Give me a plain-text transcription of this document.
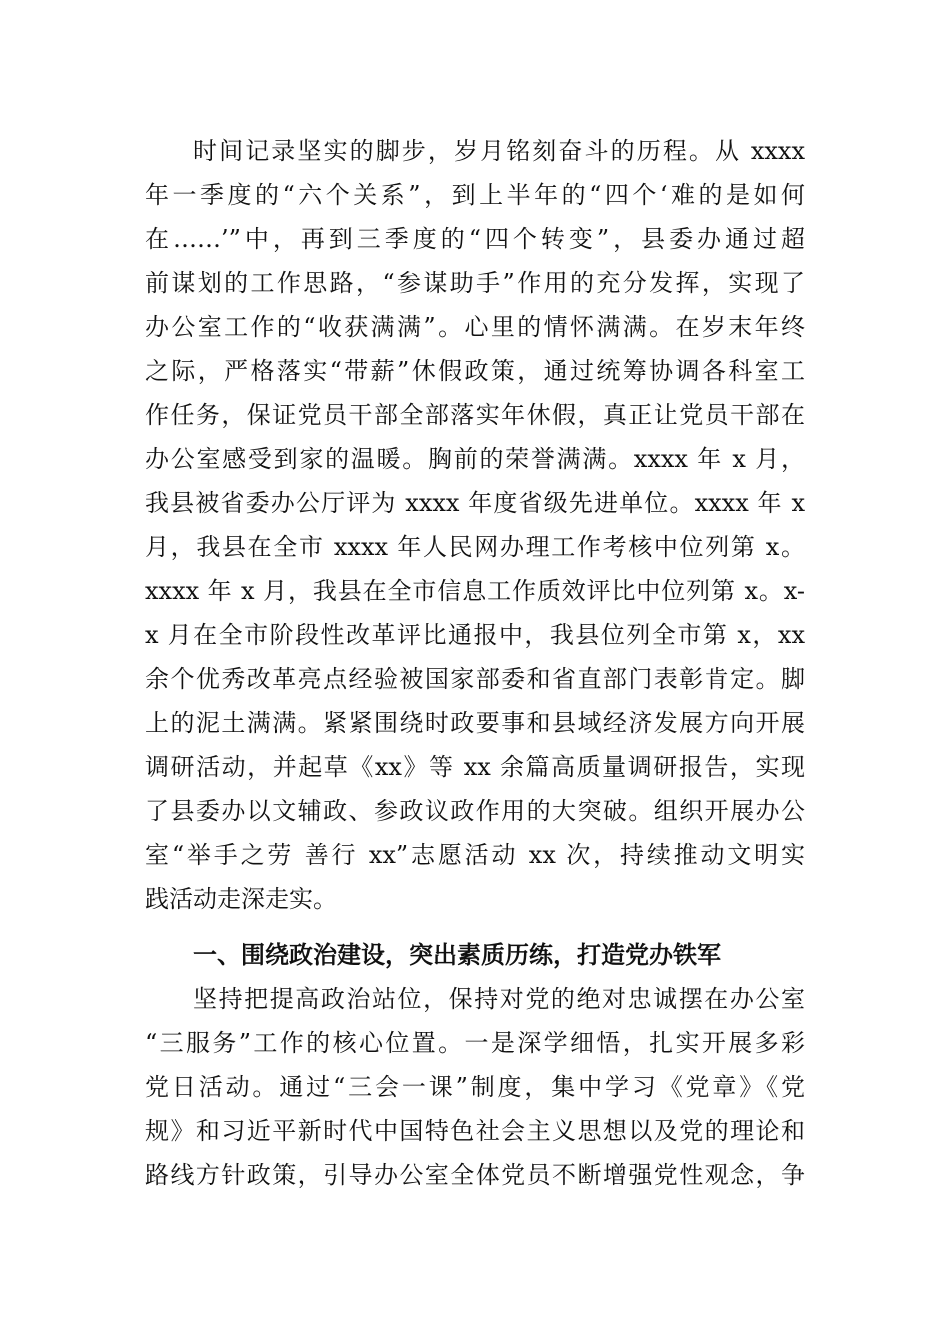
时间记录坚实的脚步，岁月铭刻奋斗的历程。从 xxxx
年一季度的“六个关系”，到上半年的“四个‘难的是如何
在……’”中，再到三季度的“四个转变”，县委办通过超
前谋划的工作思路，“参谋助手”作用的充分发挥，实现了
办公室工作的“收获满满”。心里的情怀满满。在岁末年终
之际，严格落实“带薪”休假政策，通过统筹协调各科室工
作任务，保证党员干部全部落实年休假，真正让党员干部在
办公室感受到家的温暖。胸前的荣誉满满。xxxx 年 x 月，
我县被省委办公厅评为 xxxx 年度省级先进单位。xxxx 年 x
月，我县在全市 xxxx 年人民网办理工作考核中位列第 x。
xxxx 年 x 月，我县在全市信息工作质效评比中位列第 x。x-
x 月在全市阶段性改革评比通报中，我县位列全市第 x，xx
余个优秀改革亮点经验被国家部委和省直部门表彰肯定。脚
上的泥土满满。紧紧围绕时政要事和县域经济发展方向开展
调研活动，并起草《xx》等 xx 余篇高质量调研报告，实现
了县委办以文辅政、参政议政作用的大突破。组织开展办公
室“举手之劳 善行 xx”志愿活动 xx 次，持续推动文明实
践活动走深走实。
一、围绕政治建设，突出素质历练，打造党办铁军
坚持把提高政治站位，保持对党的绝对忠诚摆在办公室
“三服务”工作的核心位置。一是深学细悟，扎实开展多彩
党日活动。通过“三会一课”制度，集中学习《党章》《党
规》和习近平新时代中国特色社会主义思想以及党的理论和
路线方针政策，引导办公室全体党员不断增强党性观念，争
